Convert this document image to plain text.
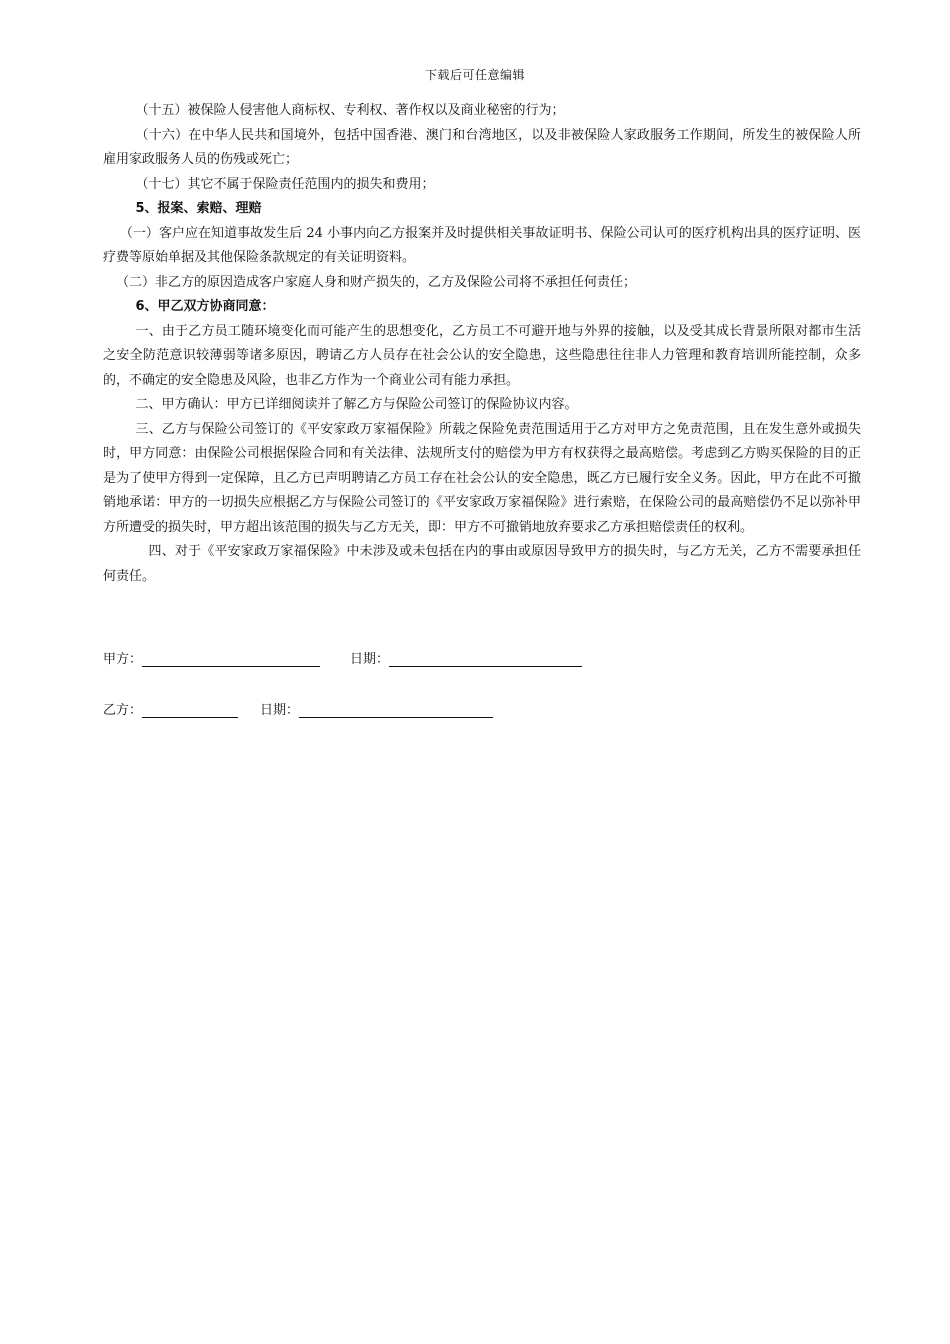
下载后可任意编辑

（十五）被保险人侵害他人商标权、专利权、著作权以及商业秘密的行为；

（十六）在中华人民共和国境外，包括中国香港、澳门和台湾地区，以及非被保险人家政服务工作期间，所发生的被保险人所雇用家政服务人员的伤残或死亡；

（十七）其它不属于保险责任范围内的损失和费用；

5、报案、索赔、理赔

（一）客户应在知道事故发生后 24 小事内向乙方报案并及时提供相关事故证明书、保险公司认可的医疗机构出具的医疗证明、医疗费等原始单据及其他保险条款规定的有关证明资料。

（二）非乙方的原因造成客户家庭人身和财产损失的，乙方及保险公司将不承担任何责任；

6、甲乙双方协商同意：

一、由于乙方员工随环境变化而可能产生的思想变化，乙方员工不可避开地与外界的接触，以及受其成长背景所限对都市生活之安全防范意识较薄弱等诸多原因，聘请乙方人员存在社会公认的安全隐患，这些隐患往往非人力管理和教育培训所能控制，众多的，不确定的安全隐患及风险，也非乙方作为一个商业公司有能力承担。

二、甲方确认：甲方已详细阅读并了解乙方与保险公司签订的保险协议内容。

三、乙方与保险公司签订的《平安家政万家福保险》所载之保险免责范围适用于乙方对甲方之免责范围，且在发生意外或损失时，甲方同意：由保险公司根据保险合同和有关法律、法规所支付的赔偿为甲方有权获得之最高赔偿。考虑到乙方购买保险的目的正是为了使甲方得到一定保障，且乙方已声明聘请乙方员工存在社会公认的安全隐患，既乙方已履行安全义务。因此，甲方在此不可撤销地承诺：甲方的一切损失应根据乙方与保险公司签订的《平安家政万家福保险》进行索赔，在保险公司的最高赔偿仍不足以弥补甲方所遭受的损失时，甲方超出该范围的损失与乙方无关，即：甲方不可撤销地放弃要求乙方承担赔偿责任的权利。

四、对于《平安家政万家福保险》中未涉及或未包括在内的事由或原因导致甲方的损失时，与乙方无关，乙方不需要承担任何责任。

甲方：	日期：
乙方：	日期：
